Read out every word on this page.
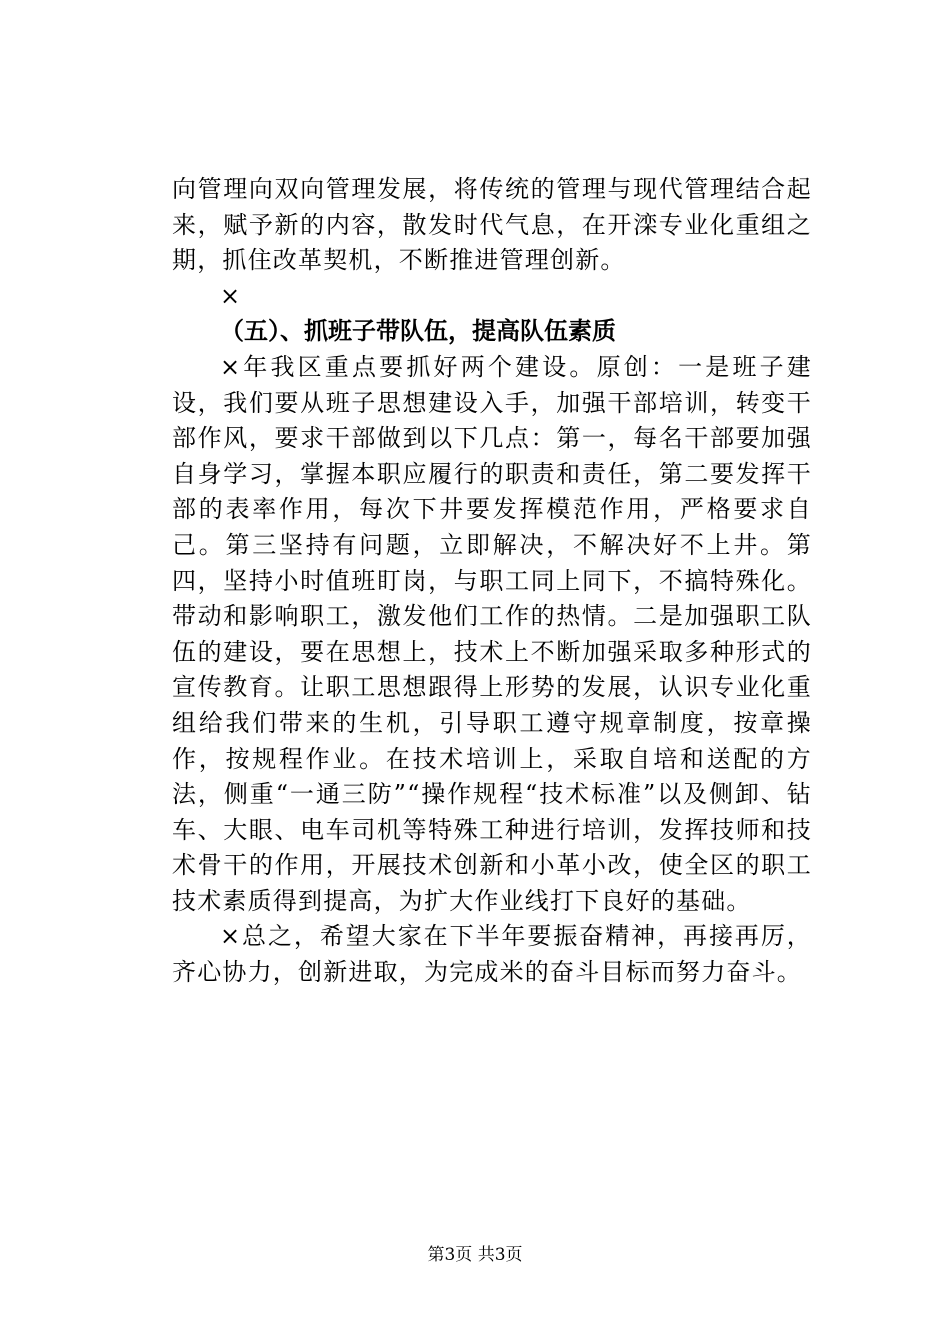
向管理向双向管理发展，将传统的管理与现代管理结合起来，赋予新的内容，散发时代气息，在开滦专业化重组之期，抓住改革契机，不断推进管理创新。

×

（五）、抓班子带队伍，提高队伍素质

×年我区重点要抓好两个建设。原创：一是班子建设，我们要从班子思想建设入手，加强干部培训，转变干部作风，要求干部做到以下几点：第一，每名干部要加强自身学习，掌握本职应履行的职责和责任，第二要发挥干部的表率作用，每次下井要发挥模范作用，严格要求自己。第三坚持有问题，立即解决，不解决好不上井。第四，坚持小时值班盯岗，与职工同上同下，不搞特殊化。带动和影响职工，激发他们工作的热情。二是加强职工队伍的建设，要在思想上，技术上不断加强采取多种形式的宣传教育。让职工思想跟得上形势的发展，认识专业化重组给我们带来的生机，引导职工遵守规章制度，按章操作，按规程作业。在技术培训上，采取自培和送配的方法，侧重“一通三防”“操作规程“技术标准”以及侧卸、钻车、大眼、电车司机等特殊工种进行培训，发挥技师和技术骨干的作用，开展技术创新和小革小改，使全区的职工技术素质得到提高，为扩大作业线打下良好的基础。

×总之，希望大家在下半年要振奋精神，再接再厉，齐心协力，创新进取，为完成米的奋斗目标而努力奋斗。

第3页 共3页
